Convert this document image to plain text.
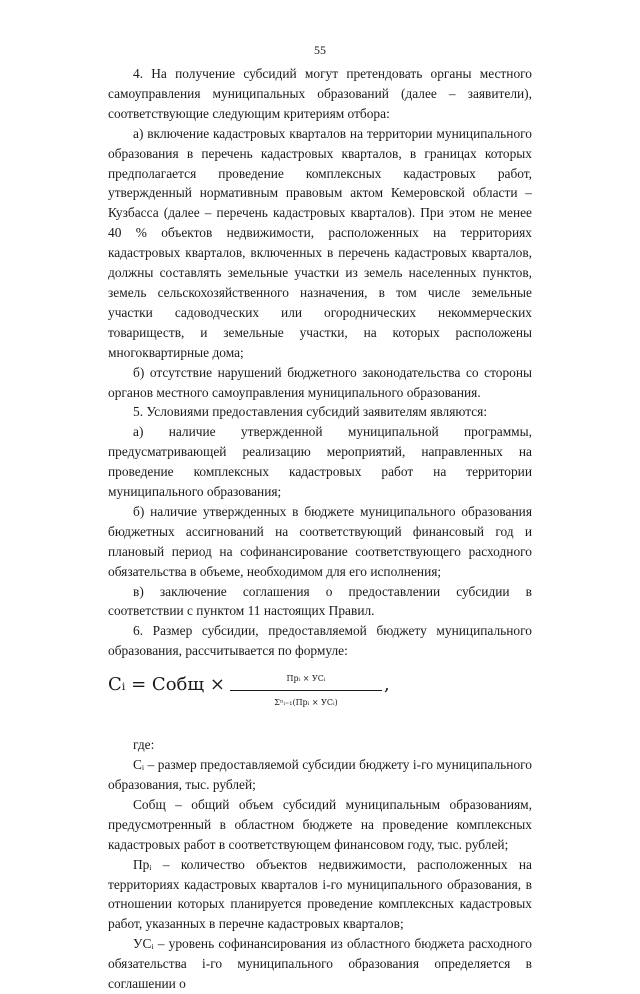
55

4. На получение субсидий могут претендовать органы местного самоуправления муниципальных образований (далее – заявители), соответствующие следующим критериям отбора:

а) включение кадастровых кварталов на территории муниципального образования в перечень кадастровых кварталов, в границах которых предполагается проведение комплексных кадастровых работ, утвержденный нормативным правовым актом Кемеровской области – Кузбасса (далее – перечень кадастровых кварталов). При этом не менее 40 % объектов недвижимости, расположенных на территориях кадастровых кварталов, включенных в перечень кадастровых кварталов, должны составлять земельные участки из земель населенных пунктов, земель сельскохозяйственного назначения, в том числе земельные участки садоводческих или огороднических некоммерческих товариществ, и земельные участки, на которых расположены многоквартирные дома;

б) отсутствие нарушений бюджетного законодательства со стороны органов местного самоуправления муниципального образования.

5. Условиями предоставления субсидий заявителям являются:

а) наличие утвержденной муниципальной программы, предусматривающей реализацию мероприятий, направленных на проведение комплексных кадастровых работ на территории муниципального образования;

б) наличие утвержденных в бюджете муниципального образования бюджетных ассигнований на соответствующий финансовый год и плановый период на софинансирование соответствующего расходного обязательства в объеме, необходимом для его исполнения;

в) заключение соглашения о предоставлении субсидии в соответствии с пунктом 11 настоящих Правил.

6. Размер субсидии, предоставляемой бюджету муниципального образования, рассчитывается по формуле:

Сᵢ = Собщ ×	Прᵢ × УСᵢ
Σⁿᵢ₌₁(Прᵢ × УСᵢ)
,

где:

Сᵢ – размер предоставляемой субсидии бюджету i-го муниципального образования, тыс. рублей;

Собщ – общий объем субсидий муниципальным образованиям, предусмотренный в областном бюджете на проведение комплексных кадастровых работ в соответствующем финансовом году, тыс. рублей;

Прᵢ – количество объектов недвижимости, расположенных на территориях кадастровых кварталов i-го муниципального образования, в отношении которых планируется проведение комплексных кадастровых работ, указанных в перечне кадастровых кварталов;

УСᵢ – уровень софинансирования из областного бюджета расходного обязательства i-го муниципального образования определяется в соглашении о
